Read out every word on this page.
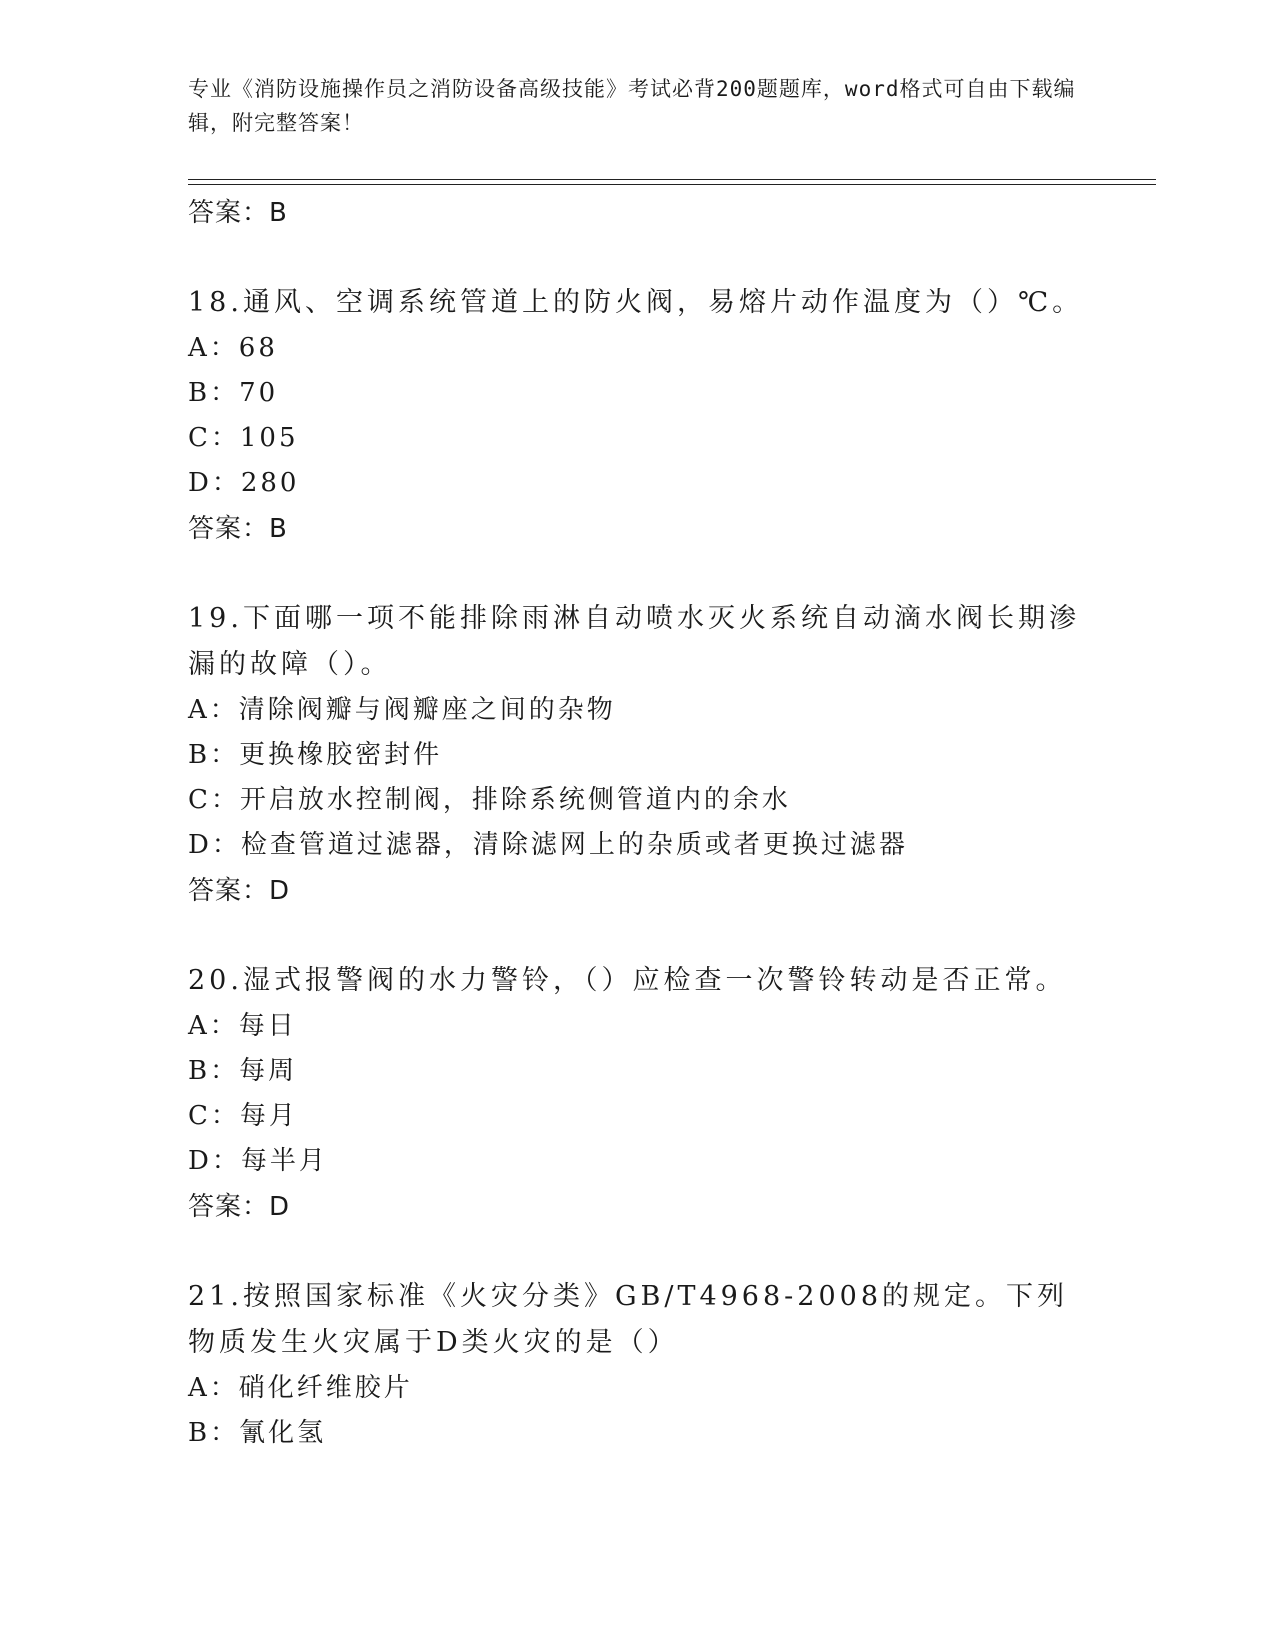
专业《消防设施操作员之消防设备高级技能》考试必背200题题库，word格式可自由下载编辑，附完整答案！

答案：B

18.通风、空调系统管道上的防火阀，易熔片动作温度为（）℃。

A：68

B：70

C：105

D：280

答案：B

19.下面哪一项不能排除雨淋自动喷水灭火系统自动滴水阀长期渗漏的故障（）。

A：清除阀瓣与阀瓣座之间的杂物

B：更换橡胶密封件

C：开启放水控制阀，排除系统侧管道内的余水

D：检查管道过滤器，清除滤网上的杂质或者更换过滤器

答案：D

20.湿式报警阀的水力警铃，（）应检查一次警铃转动是否正常。

A：每日

B：每周

C：每月

D：每半月

答案：D

21.按照国家标准《火灾分类》GB/T4968-2008的规定。下列物质发生火灾属于D类火灾的是（）

A：硝化纤维胶片

B：氰化氢
